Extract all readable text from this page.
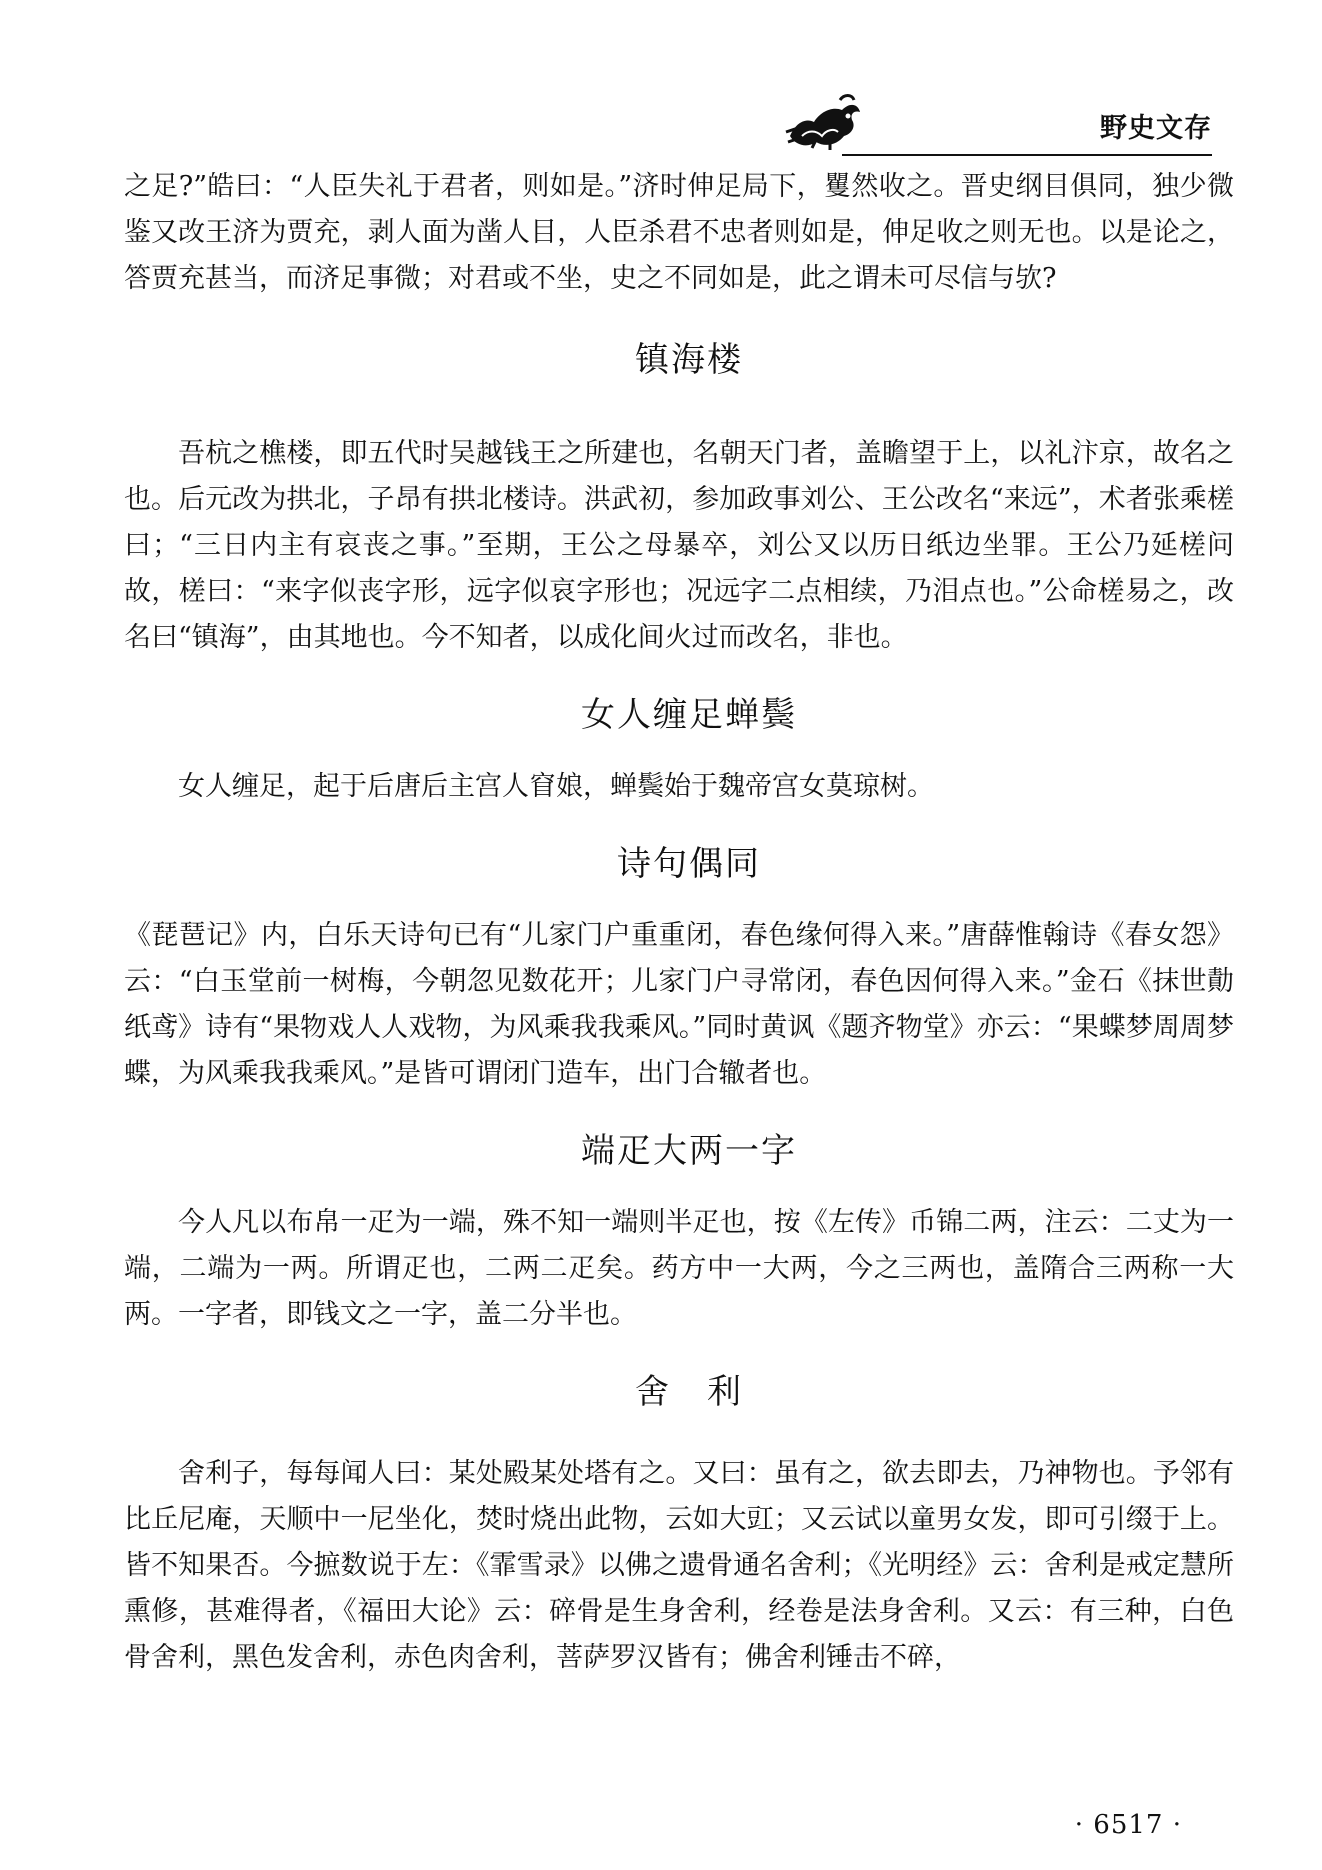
野史文存

之足?”皓曰：“人臣失礼于君者，则如是。”济时伸足局下，矍然收之。晋史纲目俱同，独少微鉴又改王济为贾充，剥人面为凿人目，人臣杀君不忠者则如是，伸足收之则无也。以是论之，答贾充甚当，而济足事微；对君或不坐，史之不同如是，此之谓未可尽信与欤?

镇海楼

吾杭之樵楼，即五代时吴越钱王之所建也，名朝天门者，盖瞻望于上，以礼汴京，故名之也。后元改为拱北，子昂有拱北楼诗。洪武初，参加政事刘公、王公改名“来远”，术者张乘槎曰；“三日内主有哀丧之事。”至期，王公之母暴卒，刘公又以历日纸边坐罪。王公乃延槎问故，槎曰：“来字似丧字形，远字似哀字形也；况远字二点相续，乃泪点也。”公命槎易之，改名曰“镇海”，由其地也。今不知者，以成化间火过而改名，非也。

女人缠足蝉鬓

女人缠足，起于后唐后主宫人窅娘，蝉鬓始于魏帝宫女莫琼树。

诗句偶同

《琵琶记》内，白乐天诗句已有“儿家门户重重闭，春色缘何得入来。”唐薛惟翰诗《春女怨》云：“白玉堂前一树梅，今朝忽见数花开；儿家门户寻常闭，春色因何得入来。”金石《抹世勣纸鸢》诗有“果物戏人人戏物，为风乘我我乘风。”同时黄讽《题齐物堂》亦云：“果蝶梦周周梦蝶，为风乘我我乘风。”是皆可谓闭门造车，出门合辙者也。

端疋大两一字

今人凡以布帛一疋为一端，殊不知一端则半疋也，按《左传》币锦二两，注云：二丈为一端，二端为一两。所谓疋也，二两二疋矣。药方中一大两，今之三两也，盖隋合三两称一大两。一字者，即钱文之一字，盖二分半也。

舍　利

舍利子，每每闻人曰：某处殿某处塔有之。又曰：虽有之，欲去即去，乃神物也。予邻有比丘尼庵，天顺中一尼坐化，焚时烧出此物，云如大豇；又云试以童男女发，即可引缀于上。皆不知果否。今摭数说于左：《霏雪录》以佛之遗骨通名舍利；《光明经》云：舍利是戒定慧所熏修，甚难得者，《福田大论》云：碎骨是生身舍利，经卷是法身舍利。又云：有三种，白色骨舍利，黑色发舍利，赤色肉舍利，菩萨罗汉皆有；佛舍利锤击不碎，

· 6517 ·
